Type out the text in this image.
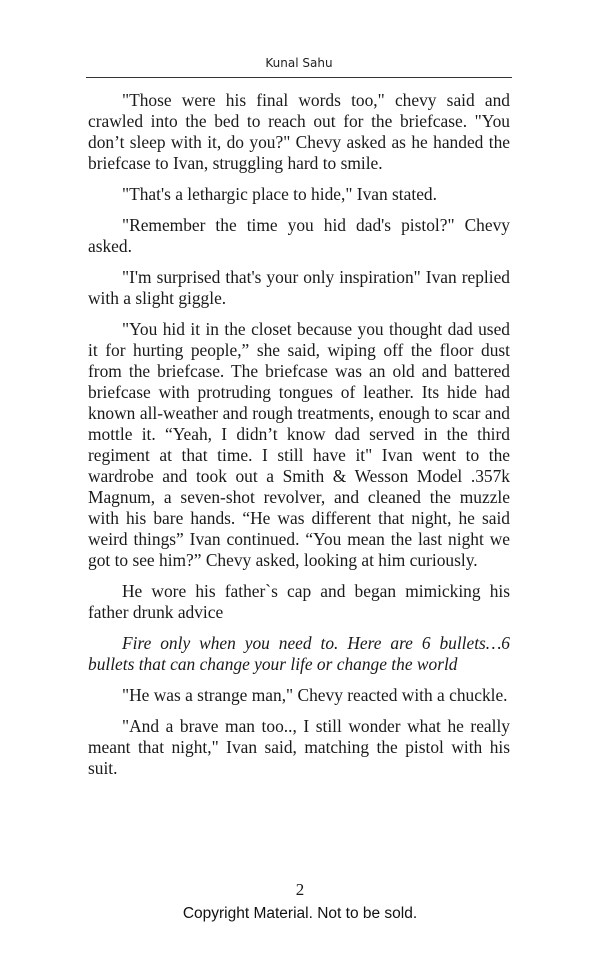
Kunal Sahu

"Those were his final words too," chevy said and crawled into the bed to reach out for the briefcase. "You don’t sleep with it, do you?" Chevy asked as he handed the briefcase to Ivan, struggling hard to smile.

"That's a lethargic place to hide," Ivan stated.

"Remember the time you hid dad's pistol?" Chevy asked.

"I'm surprised that's your only inspiration" Ivan replied with a slight giggle.

"You hid it in the closet because you thought dad used it for hurting people,” she said, wiping off the floor dust from the briefcase. The briefcase was an old and battered briefcase with protruding tongues of leather. Its hide had known all-weather and rough treatments, enough to scar and mottle it. “Yeah, I didn’t know dad served in the third regiment at that time. I still have it" Ivan went to the wardrobe and took out a Smith & Wesson Model .357k Magnum, a seven-shot revolver, and cleaned the muzzle with his bare hands. “He was different that night, he said weird things” Ivan continued. “You mean the last night we got to see him?” Chevy asked, looking at him curiously.

He wore his father`s cap and began mimicking his father drunk advice

Fire only when you need to. Here are 6 bullets…6 bullets that can change your life or change the world

"He was a strange man," Chevy reacted with a chuckle.

"And a brave man too.., I still wonder what he really meant that night," Ivan said, matching the pistol with his suit.

2
Copyright Material. Not to be sold.
